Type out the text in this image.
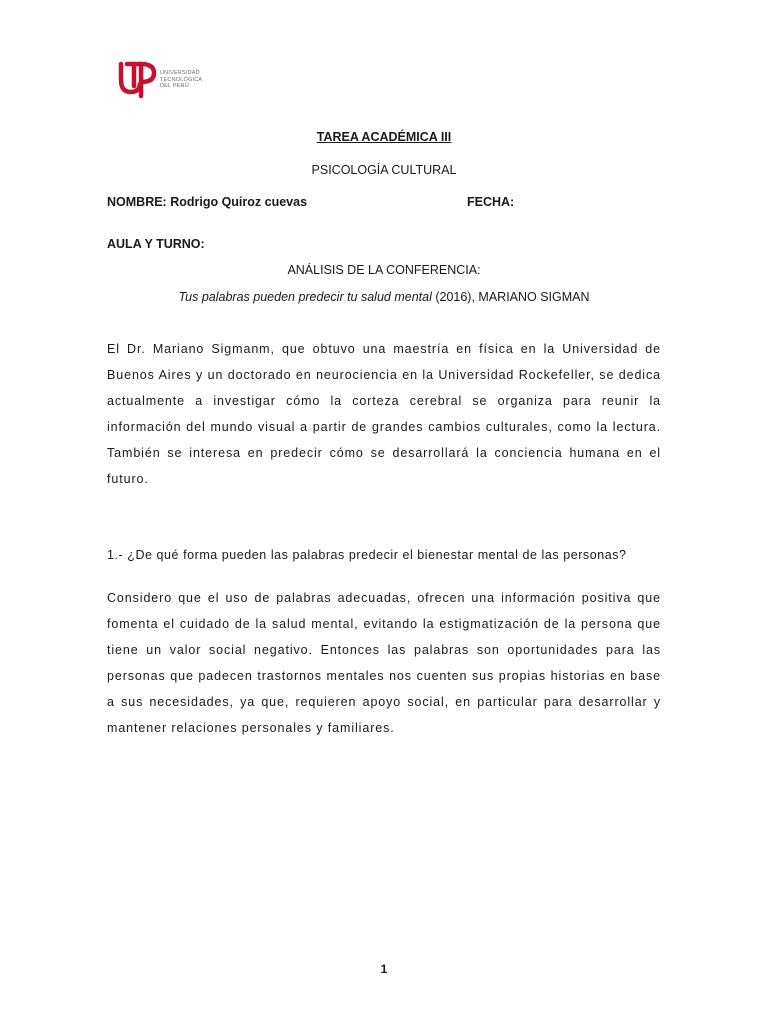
UNIVERSIDAD
TECNOLÓGICA
DEL PERÚ
TAREA ACADÉMICA III
PSICOLOGÍA CULTURAL
NOMBRE: Rodrigo Quiroz cuevas	FECHA:
AULA Y TURNO:
ANÁLISIS DE LA CONFERENCIA:
Tus palabras pueden predecir tu salud mental (2016), MARIANO SIGMAN
El Dr. Mariano Sigmanm, que obtuvo una maestría en física en la Universidad de Buenos Aires y un doctorado en neurociencia en la Universidad Rockefeller, se dedica actualmente a investigar cómo la corteza cerebral se organiza para reunir la información del mundo visual a partir de grandes cambios culturales, como la lectura. También se interesa en predecir cómo se desarrollará la conciencia humana en el futuro.
1.- ¿De qué forma pueden las palabras predecir el bienestar mental de las personas?
Considero que el uso de palabras adecuadas, ofrecen una información positiva que fomenta el cuidado de la salud mental, evitando la estigmatización de la persona que tiene un valor social negativo. Entonces las palabras son oportunidades para las personas que padecen trastornos mentales nos cuenten sus propias historias en base a sus necesidades, ya que, requieren apoyo social, en particular para desarrollar y mantener relaciones personales y familiares.
1
